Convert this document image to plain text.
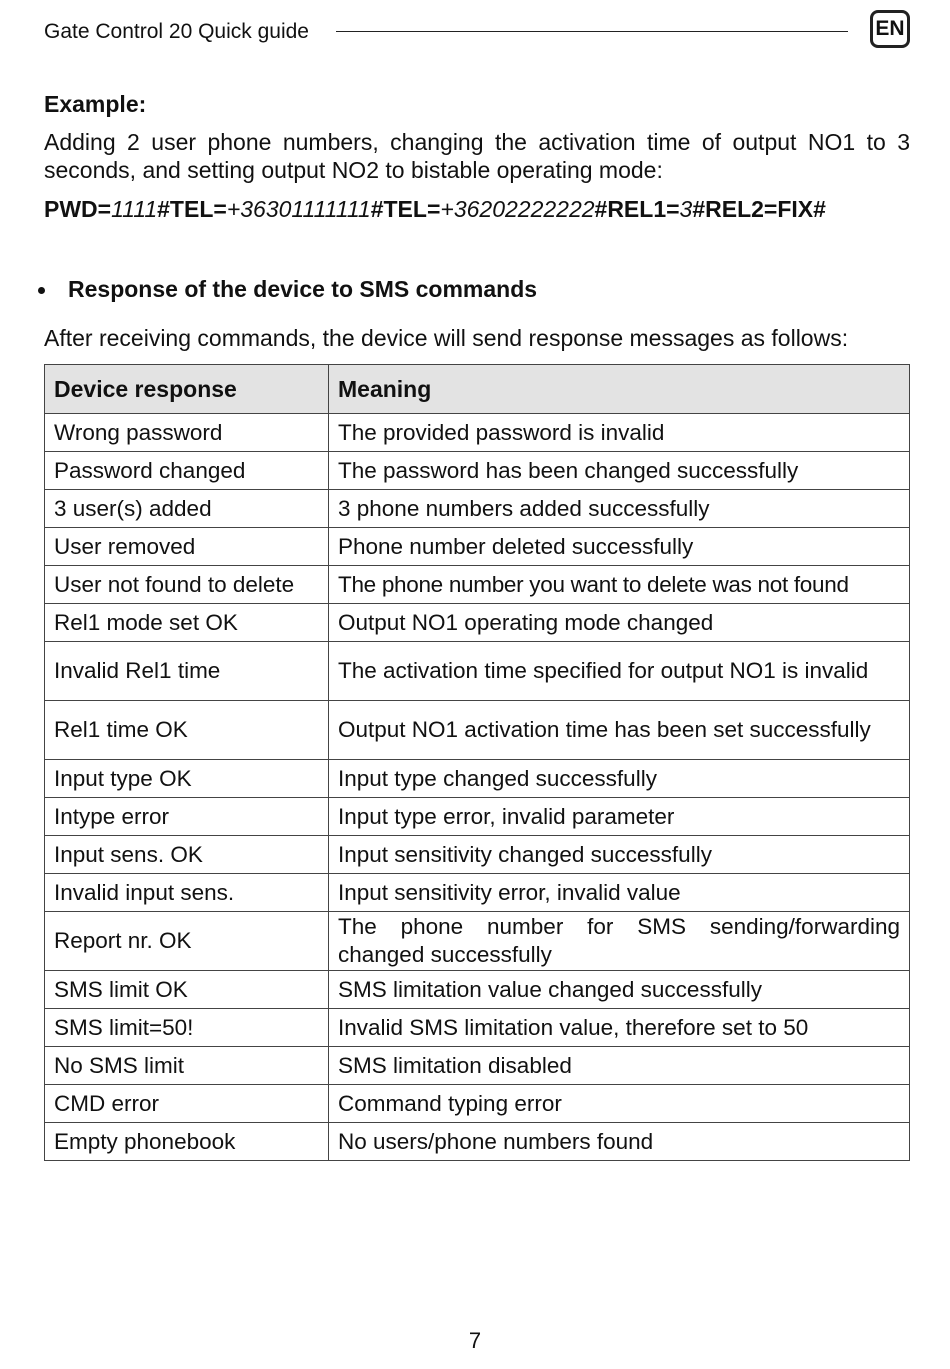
Gate Control 20 Quick guide	EN
Example:

Adding 2 user phone numbers, changing the activation time of output NO1 to 3 seconds, and setting output NO2 to bistable operating mode:

PWD=1111#TEL=+36301111111#TEL=+36202222222#REL1=3#REL2=FIX#
Response of the device to SMS commands
After receiving commands, the device will send response messages as follows:
Device response	Meaning
Wrong password	The provided password is invalid
Password changed	The password has been changed successfully
3 user(s) added	3 phone numbers added successfully
User removed	Phone number deleted successfully
User not found to delete	The phone number you want to delete was not found
Rel1 mode set OK	Output NO1 operating mode changed
Invalid Rel1 time	The activation time specified for output NO1 is invalid
Rel1 time OK	Output NO1 activation time has been set successfully
Input type OK	Input type changed successfully
Intype error	Input type error, invalid parameter
Input sens. OK	Input sensitivity changed successfully
Invalid input sens.	Input sensitivity error, invalid value
Report nr. OK	The phone number for SMS sending/forwarding changed successfully
SMS limit OK	SMS limitation value changed successfully
SMS limit=50!	Invalid SMS limitation value, therefore set to 50
No SMS limit	SMS limitation disabled
CMD error	Command typing error
Empty phonebook	No users/phone numbers found
7
